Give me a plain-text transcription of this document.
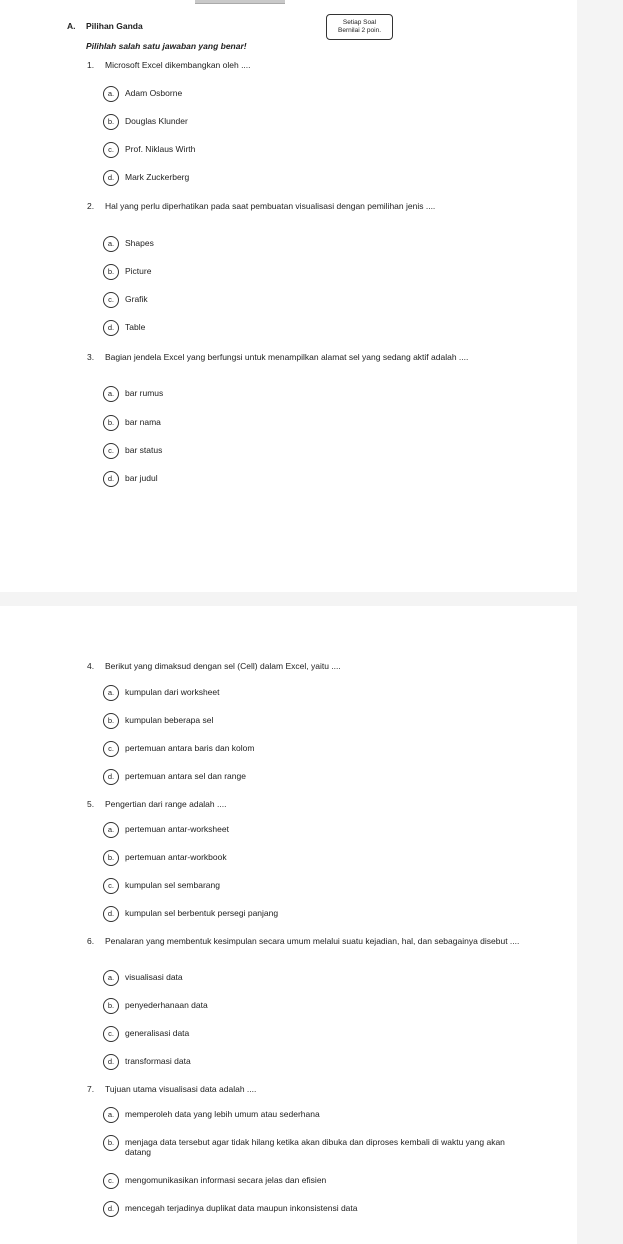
A. Pilihan Ganda
Pilihlah salah satu jawaban yang benar!
Setiap Soal
Bernilai 2 poin.
1. Microsoft Excel dikembangkan oleh ....
a.	Adam Osborne
b.	Douglas Klunder
c.	Prof. Niklaus Wirth
d.	Mark Zuckerberg
2. Hal yang perlu diperhatikan pada saat pembuatan visualisasi dengan pemilihan jenis ....
a.	Shapes
b.	Picture
c.	Grafik
d.	Table
3. Bagian jendela Excel yang berfungsi untuk menampilkan alamat sel yang sedang aktif adalah ....
a.	bar rumus
b.	bar nama
c.	bar status
d.	bar judul
4. Berikut yang dimaksud dengan sel (Cell) dalam Excel, yaitu ....
a.	kumpulan dari worksheet
b.	kumpulan beberapa sel
c.	pertemuan antara baris dan kolom
d.	pertemuan antara sel dan range
5. Pengertian dari range adalah ....
a.	pertemuan antar-worksheet
b.	pertemuan antar-workbook
c.	kumpulan sel sembarang
d.	kumpulan sel berbentuk persegi panjang
6. Penalaran yang membentuk kesimpulan secara umum melalui suatu kejadian, hal, dan sebagainya disebut ....
a.	visualisasi data
b.	penyederhanaan data
c.	generalisasi data
d.	transformasi data
7. Tujuan utama visualisasi data adalah ....
a.	memperoleh data yang lebih umum atau sederhana
b.	menjaga data tersebut agar tidak hilang ketika akan dibuka dan diproses kembali di waktu yang akan datang
c.	mengomunikasikan informasi secara jelas dan efisien
d.	mencegah terjadinya duplikat data maupun inkonsistensi data
